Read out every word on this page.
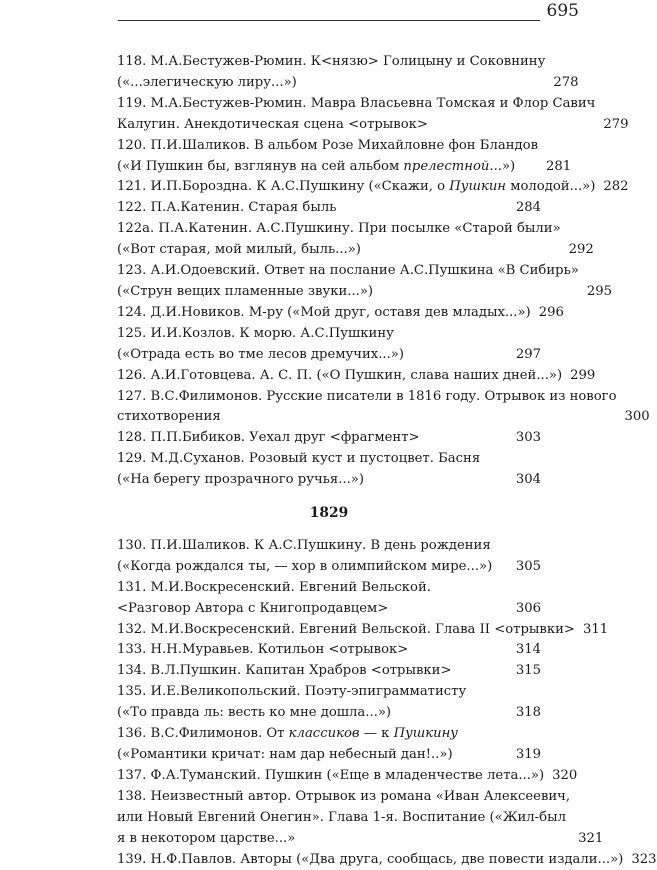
695
118. М.А.Бестужев-Рюмин. К<нязю> Голицыну и Соковнину
(«...элегическую лиру...»)	278
119. М.А.Бестужев-Рюмин. Мавра Власьевна Томская и Флор Савич
Калугин. Анекдотическая сцена <отрывок>	279
120. П.И.Шаликов. В альбом Розе Михайловне фон Бландов
(«И Пушкин бы, взглянув на сей альбом прелестной...»)	281
121. И.П.Бороздна. К А.С.Пушкину («Скажи, о Пушкин молодой...») 282
122. П.А.Катенин. Старая быль	284
122а. П.А.Катенин. А.С.Пушкину. При посылке «Старой были»
(«Вот старая, мой милый, быль...»)	292
123. А.И.Одоевский. Ответ на послание А.С.Пушкина «В Сибирь»
(«Струн вещих пламенные звуки...»)	295
124. Д.И.Новиков. М-ру («Мой друг, оставя дев младых...») 296
125. И.И.Козлов. К морю. А.С.Пушкину
(«Отрада есть во тме лесов дремучих...»)	297
126. А.И.Готовцева. А. С. П. («О Пушкин, слава наших дней...») 299
127. В.С.Филимонов. Русские писатели в 1816 году. Отрывок из нового
стихотворения	300
128. П.П.Бибиков. Уехал друг <фрагмент>	303
129. М.Д.Суханов. Розовый куст и пустоцвет. Басня
(«На берегу прозрачного ручья...»)	304
1829
130. П.И.Шаликов. К А.С.Пушкину. В день рождения
(«Когда рождался ты, — хор в олимпийском мире...»)	305
131. М.И.Воскресенский. Евгений Вельской.
<Разговор Автора с Книгопродавцем>	306
132. М.И.Воскресенский. Евгений Вельской. Глава II <отрывки> 311
133. Н.Н.Муравьев. Котильон <отрывок>	314
134. В.Л.Пушкин. Капитан Храбров <отрывки>	315
135. И.Е.Великопольский. Поэту-эпиграмматисту
(«То правда ль: весть ко мне дошла...»)	318
136. В.С.Филимонов. От классиков — к Пушкину
(«Романтики кричат: нам дар небесный дан!..»)	319
137. Ф.А.Туманский. Пушкин («Еще в младенчестве лета...») 320
138. Неизвестный автор. Отрывок из романа «Иван Алексеевич,
или Новый Евгений Онегин». Глава 1-я. Воспитание («Жил-был
я в некотором царстве...»	321
139. Н.Ф.Павлов. Авторы («Два друга, сообщась, две повести издали...») 323
